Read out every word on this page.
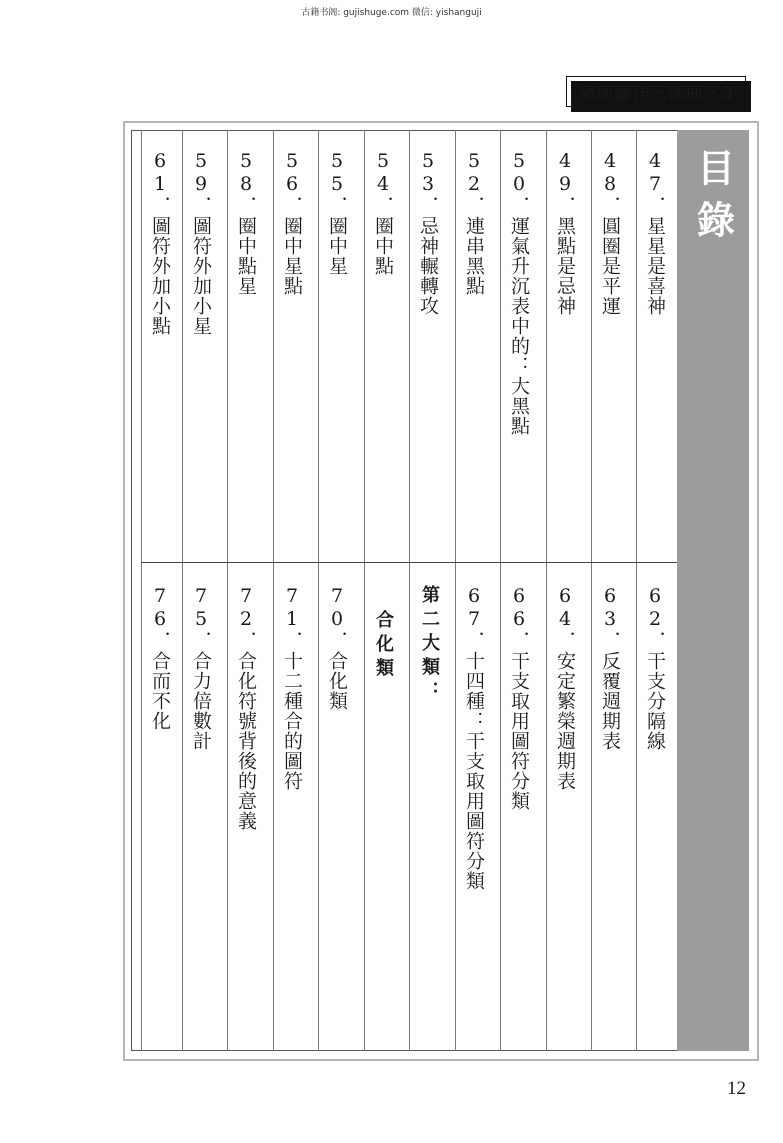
古籍书阁: gujishuge.com 微信: yishanguji
命理操作三部曲・3
目錄
47．星星是喜神
48．圓圈是平運
49．黑點是忌神
50．運氣升沉表中的：大黑點
52．連串黑點
53．忌神輾轉攻
54．圈中點
55．圈中星
56．圈中星點
58．圈中點星
59．圖符外加小星
61．圖符外加小點
62．干支分隔線
63．反覆週期表
64．安定繁榮週期表
66．干支取用圖符分類
67．十四種：干支取用圖符分類
第二大類：
合化類
70．合化類
71．十二種合的圖符
72．合化符號背後的意義
75．合力倍數計
76．合而不化
12
